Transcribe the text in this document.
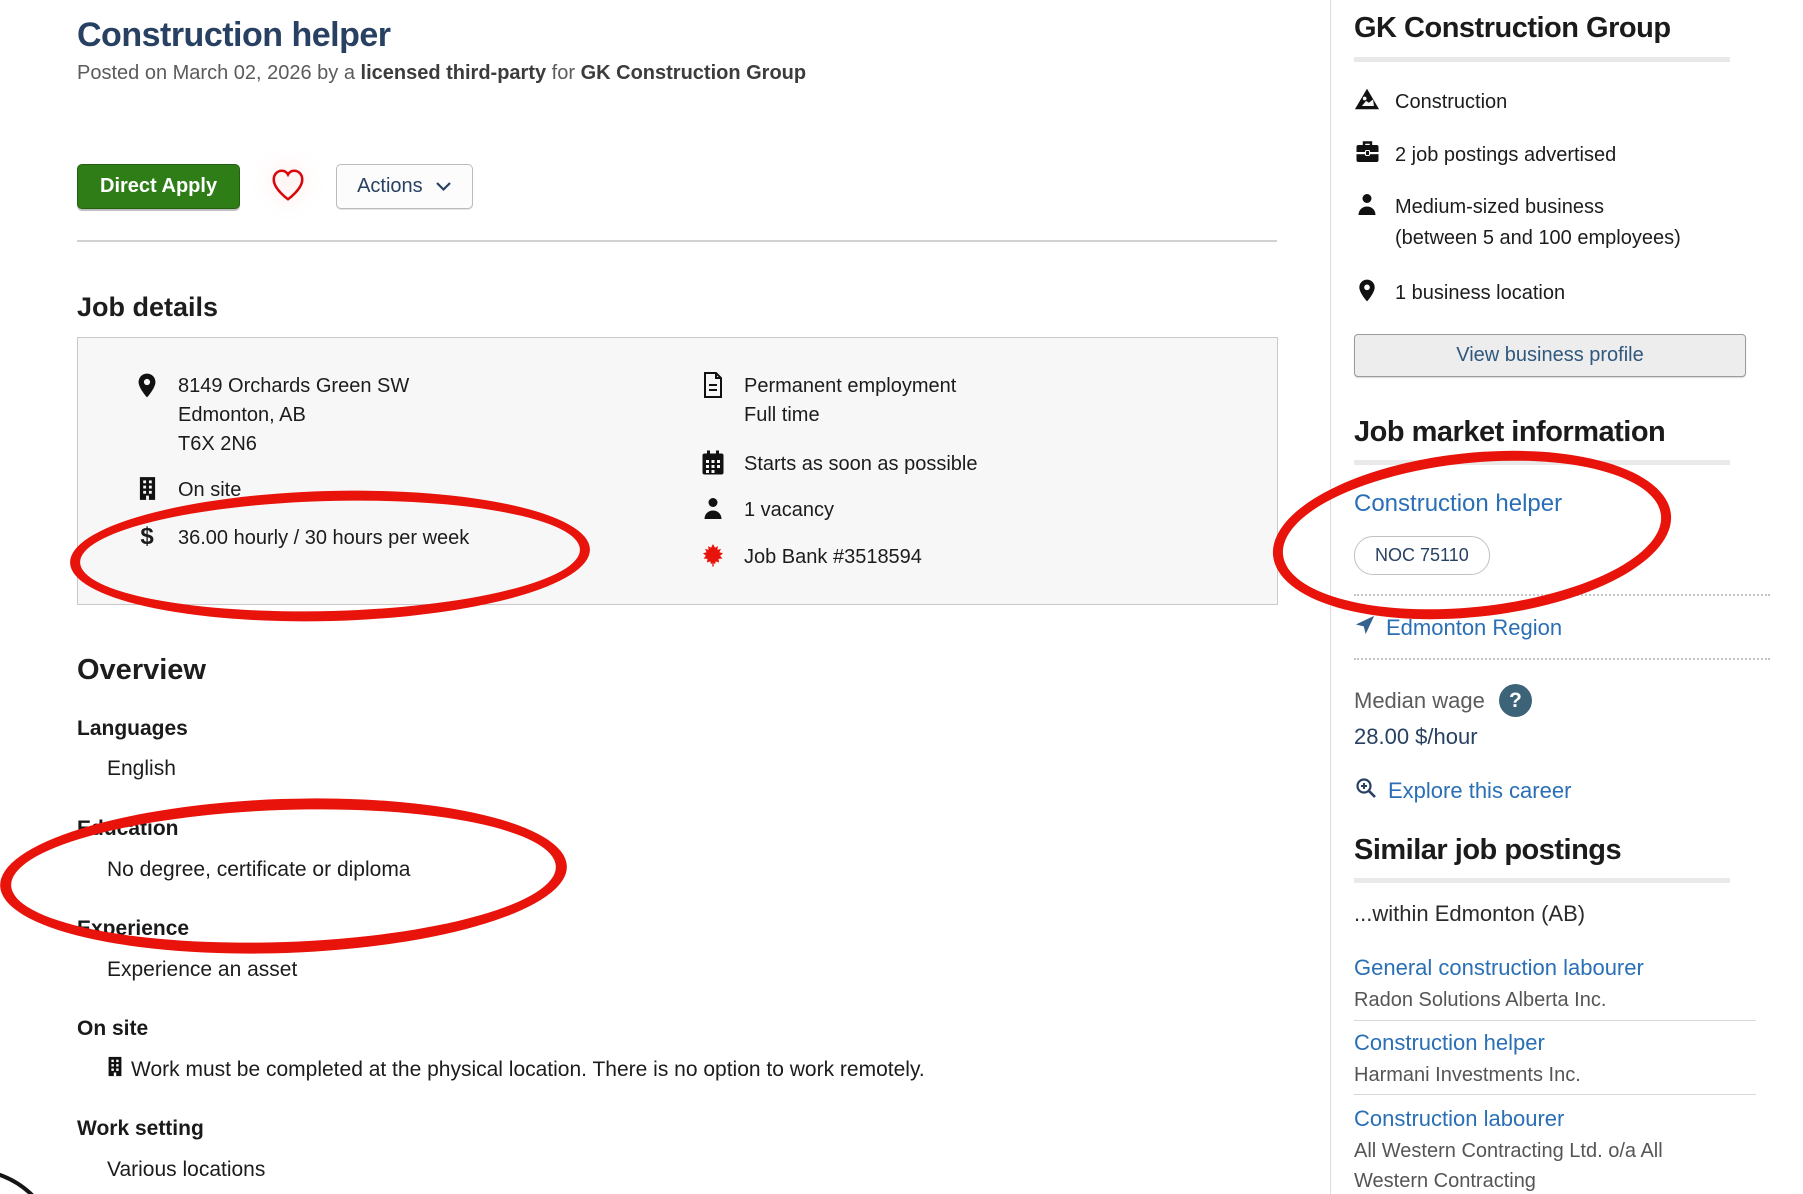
Construction helper

Posted on March 02, 2026 by a licensed third-party for GK Construction Group

Direct Apply	Actions
Job details
8149 Orchards Green SW
Edmonton, AB
T6X 2N6
On site
$	36.00 hourly / 30 hours per week
Permanent employment
Full time
Starts as soon as possible
1 vacancy
Job Bank #3518594
Overview
Languages
English
Education
No degree, certificate or diploma
Experience
Experience an asset
On site
Work must be completed at the physical location. There is no option to work remotely.
Work setting
Various locations
GK Construction Group
Construction
2 job postings advertised
Medium-sized business
(between 5 and 100 employees)
1 business location
View business profile
Job market information
Construction helper
NOC 75110
Edmonton Region
Median wage	?
28.00 $/hour
Explore this career
Similar job postings
...within Edmonton (AB)
General construction labourer
Radon Solutions Alberta Inc.
Construction helper
Harmani Investments Inc.
Construction labourer
All Western Contracting Ltd. o/a All Western Contracting
